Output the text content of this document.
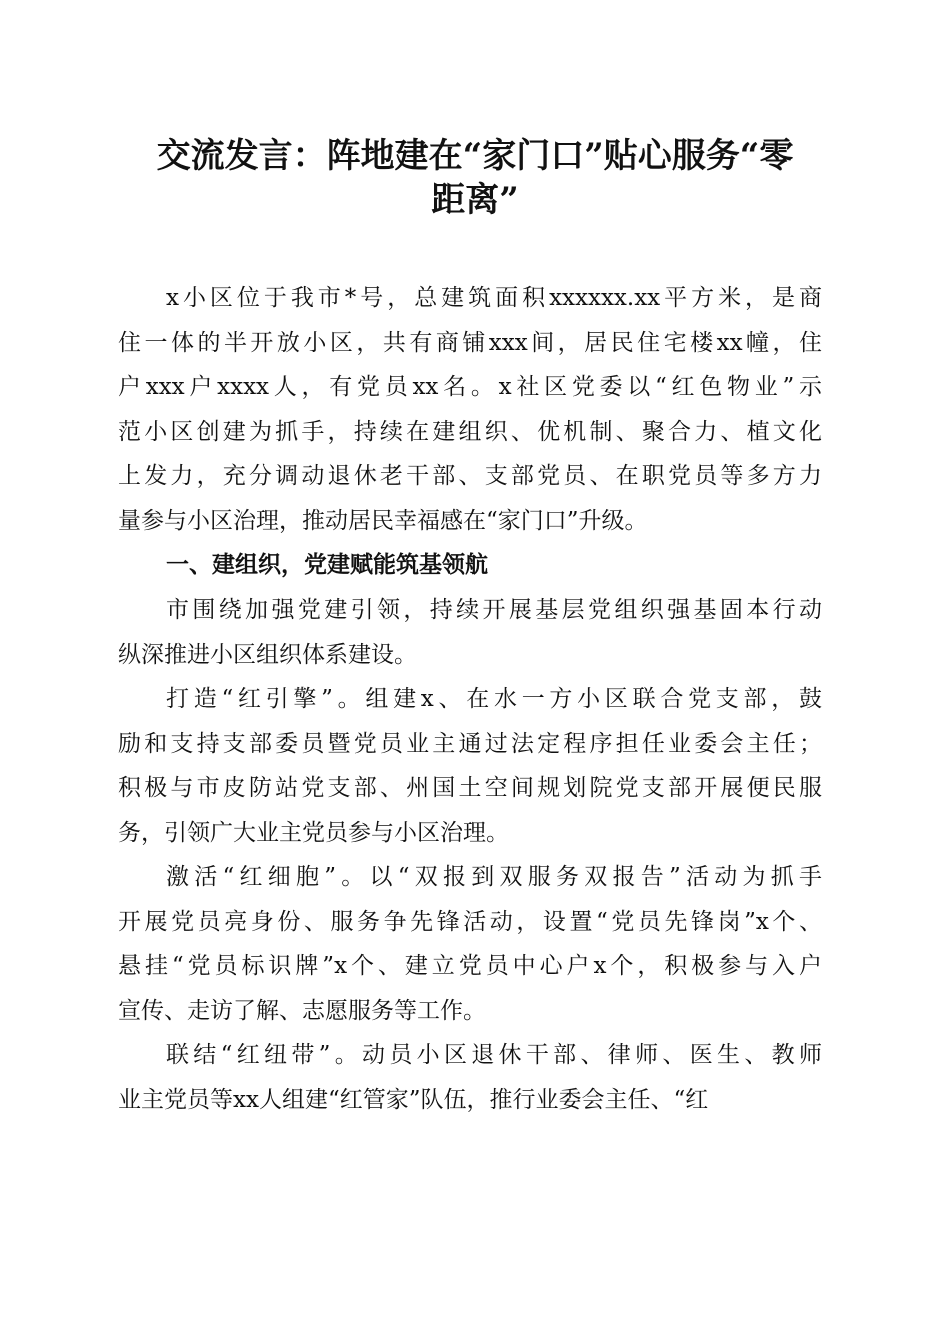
交流发言：阵地建在“家门口”贴心服务“零
距离”
x小区位于我市*号，总建筑面积xxxxxx.xx平方米，是商
住一体的半开放小区，共有商铺xxx间，居民住宅楼xx幢，住
户xxx户xxxx人，有党员xx名。x社区党委以“红色物业”示
范小区创建为抓手，持续在建组织、优机制、聚合力、植文化
上发力，充分调动退休老干部、支部党员、在职党员等多方力
量参与小区治理，推动居民幸福感在“家门口”升级。
一、建组织，党建赋能筑基领航
市围绕加强党建引领，持续开展基层党组织强基固本行动
纵深推进小区组织体系建设。
打造“红引擎”。组建x、在水一方小区联合党支部，鼓
励和支持支部委员暨党员业主通过法定程序担任业委会主任；
积极与市皮防站党支部、州国土空间规划院党支部开展便民服
务，引领广大业主党员参与小区治理。
激活“红细胞”。以“双报到双服务双报告”活动为抓手
开展党员亮身份、服务争先锋活动，设置“党员先锋岗”x个、
悬挂“党员标识牌”x个、建立党员中心户x个，积极参与入户
宣传、走访了解、志愿服务等工作。
联结“红纽带”。动员小区退休干部、律师、医生、教师
业主党员等xx人组建“红管家”队伍，推行业委会主任、“红
